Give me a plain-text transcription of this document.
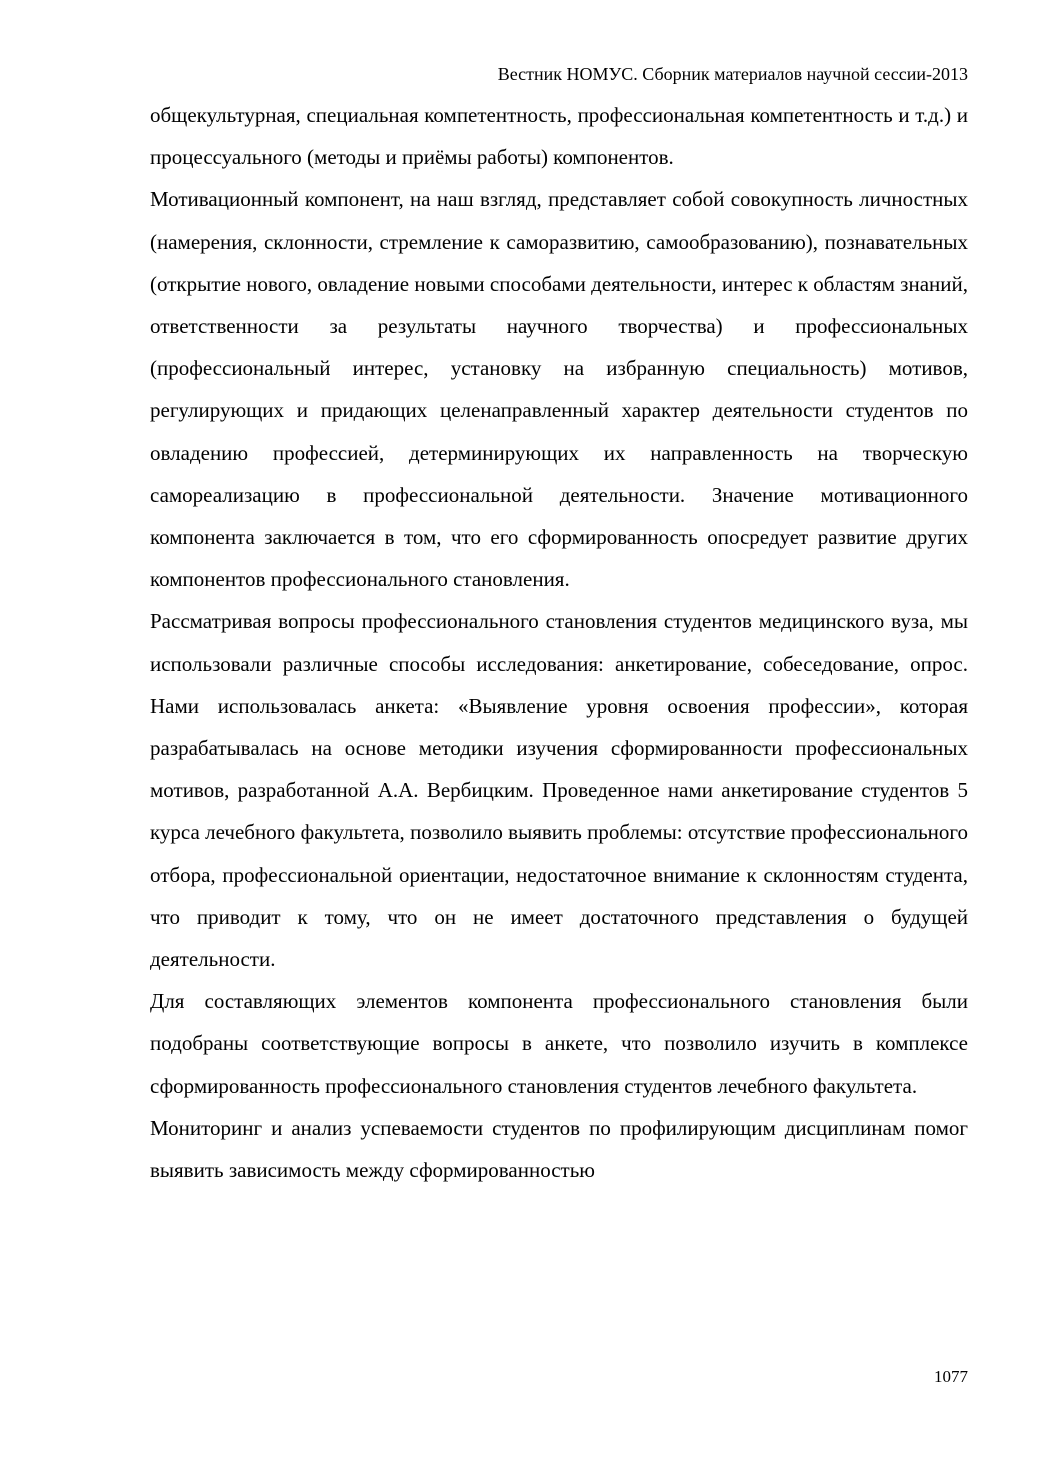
Вестник НОМУС. Сборник материалов научной сессии-2013

общекультурная, специальная компетентность, профессиональная компетентность и т.д.) и процессуального (методы и приёмы работы) компонентов.

Мотивационный компонент, на наш взгляд, представляет собой совокупность личностных (намерения, склонности, стремление к саморазвитию, самообразованию), познавательных (открытие нового, овладение новыми способами деятельности, интерес к областям знаний, ответственности за результаты научного творчества) и профессиональных (профессиональный интерес, установку на избранную специальность) мотивов, регулирующих и придающих целенаправленный характер деятельности студентов по овладению профессией, детерминирующих их направленность на творческую самореализацию в профессиональной деятельности. Значение мотивационного компонента заключается в том, что его сформированность опосредует развитие других компонентов профессионального становления.

Рассматривая вопросы профессионального становления студентов медицинского вуза, мы использовали различные способы исследования: анкетирование, собеседование, опрос. Нами использовалась анкета: «Выявление уровня освоения профессии», которая разрабатывалась на основе методики изучения сформированности профессиональных мотивов, разработанной А.А. Вербицким. Проведенное нами анкетирование студентов 5 курса лечебного факультета, позволило выявить проблемы: отсутствие профессионального отбора, профессиональной ориентации, недостаточное внимание к склонностям студента, что приводит к тому, что он не имеет достаточного представления о будущей деятельности.

Для составляющих элементов компонента профессионального становления были подобраны соответствующие вопросы в анкете, что позволило изучить в комплексе сформированность профессионального становления студентов лечебного факультета.

Мониторинг и анализ успеваемости студентов по профилирующим дисциплинам помог выявить зависимость между сформированностью

1077
